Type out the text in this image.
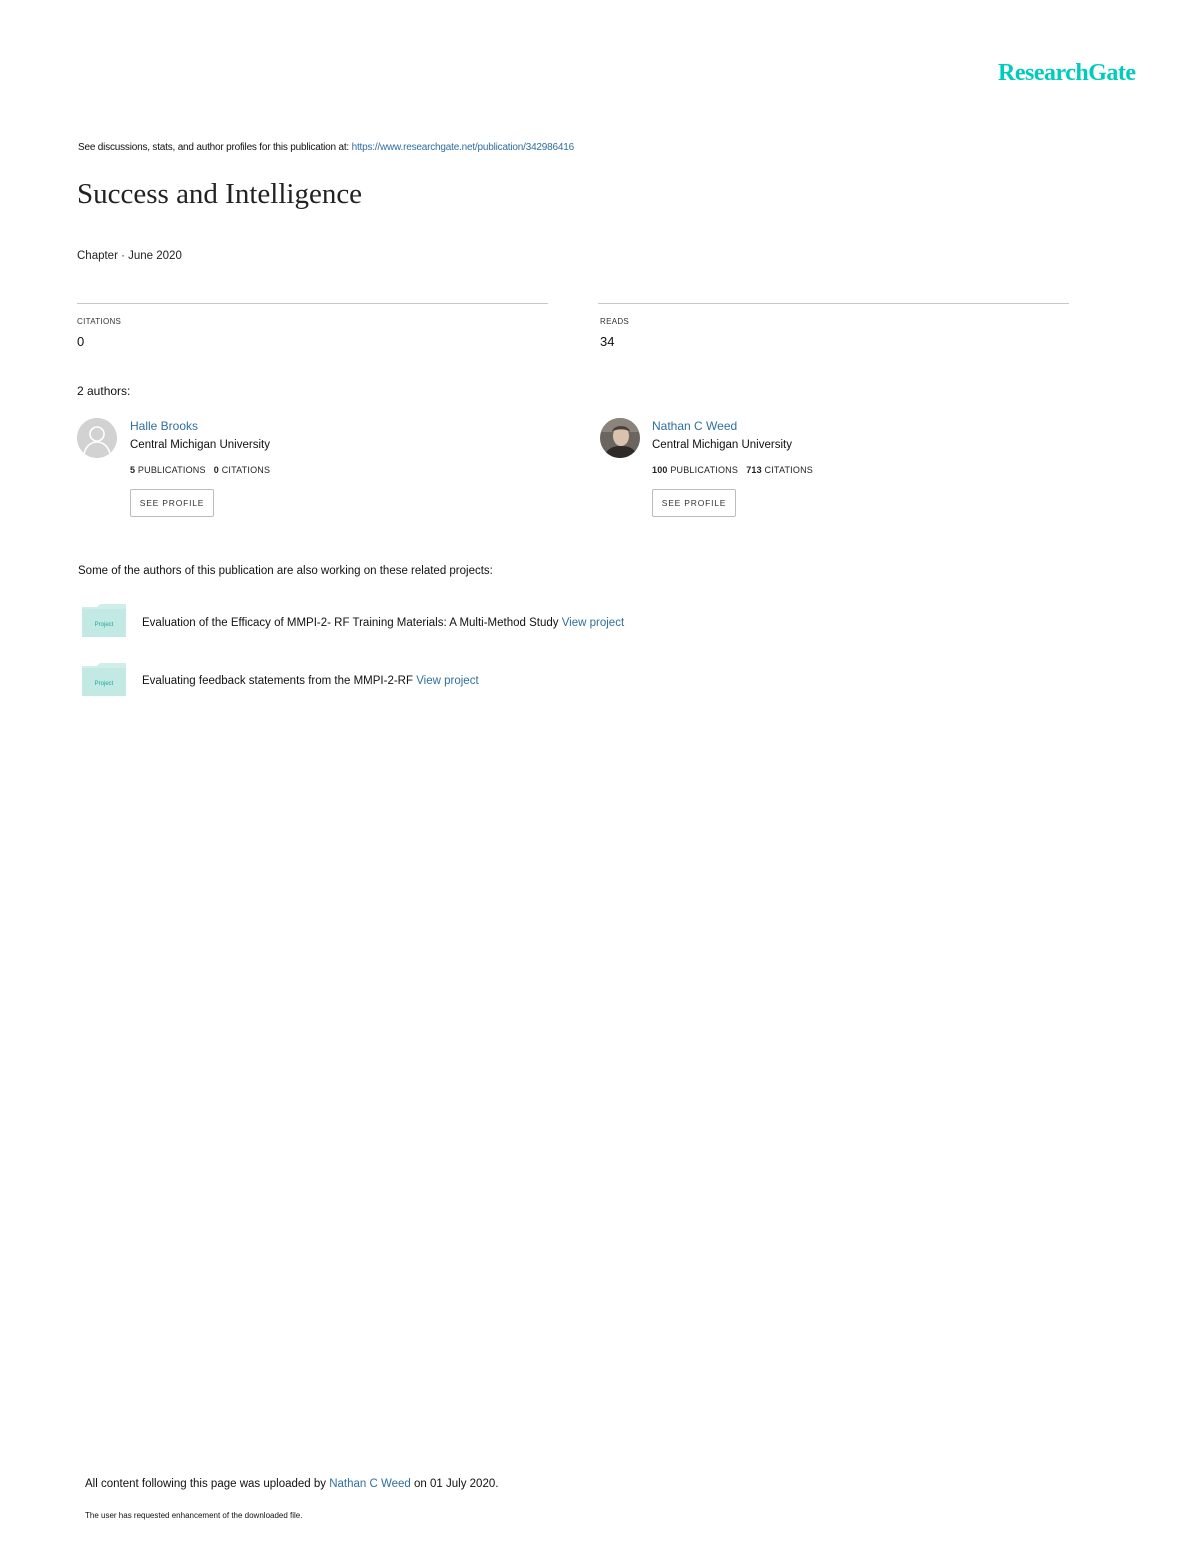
ResearchGate
See discussions, stats, and author profiles for this publication at: https://www.researchgate.net/publication/342986416
Success and Intelligence
Chapter · June 2020
CITATIONS
0
READS
34
2 authors:
Halle Brooks
Central Michigan University
5 PUBLICATIONS 0 CITATIONS
SEE PROFILE
Nathan C Weed
Central Michigan University
100 PUBLICATIONS 713 CITATIONS
SEE PROFILE
Some of the authors of this publication are also working on these related projects:
Project Evaluation of the Efficacy of MMPI-2- RF Training Materials: A Multi-Method Study View project
Project Evaluating feedback statements from the MMPI-2-RF View project
All content following this page was uploaded by Nathan C Weed on 01 July 2020.
The user has requested enhancement of the downloaded file.
